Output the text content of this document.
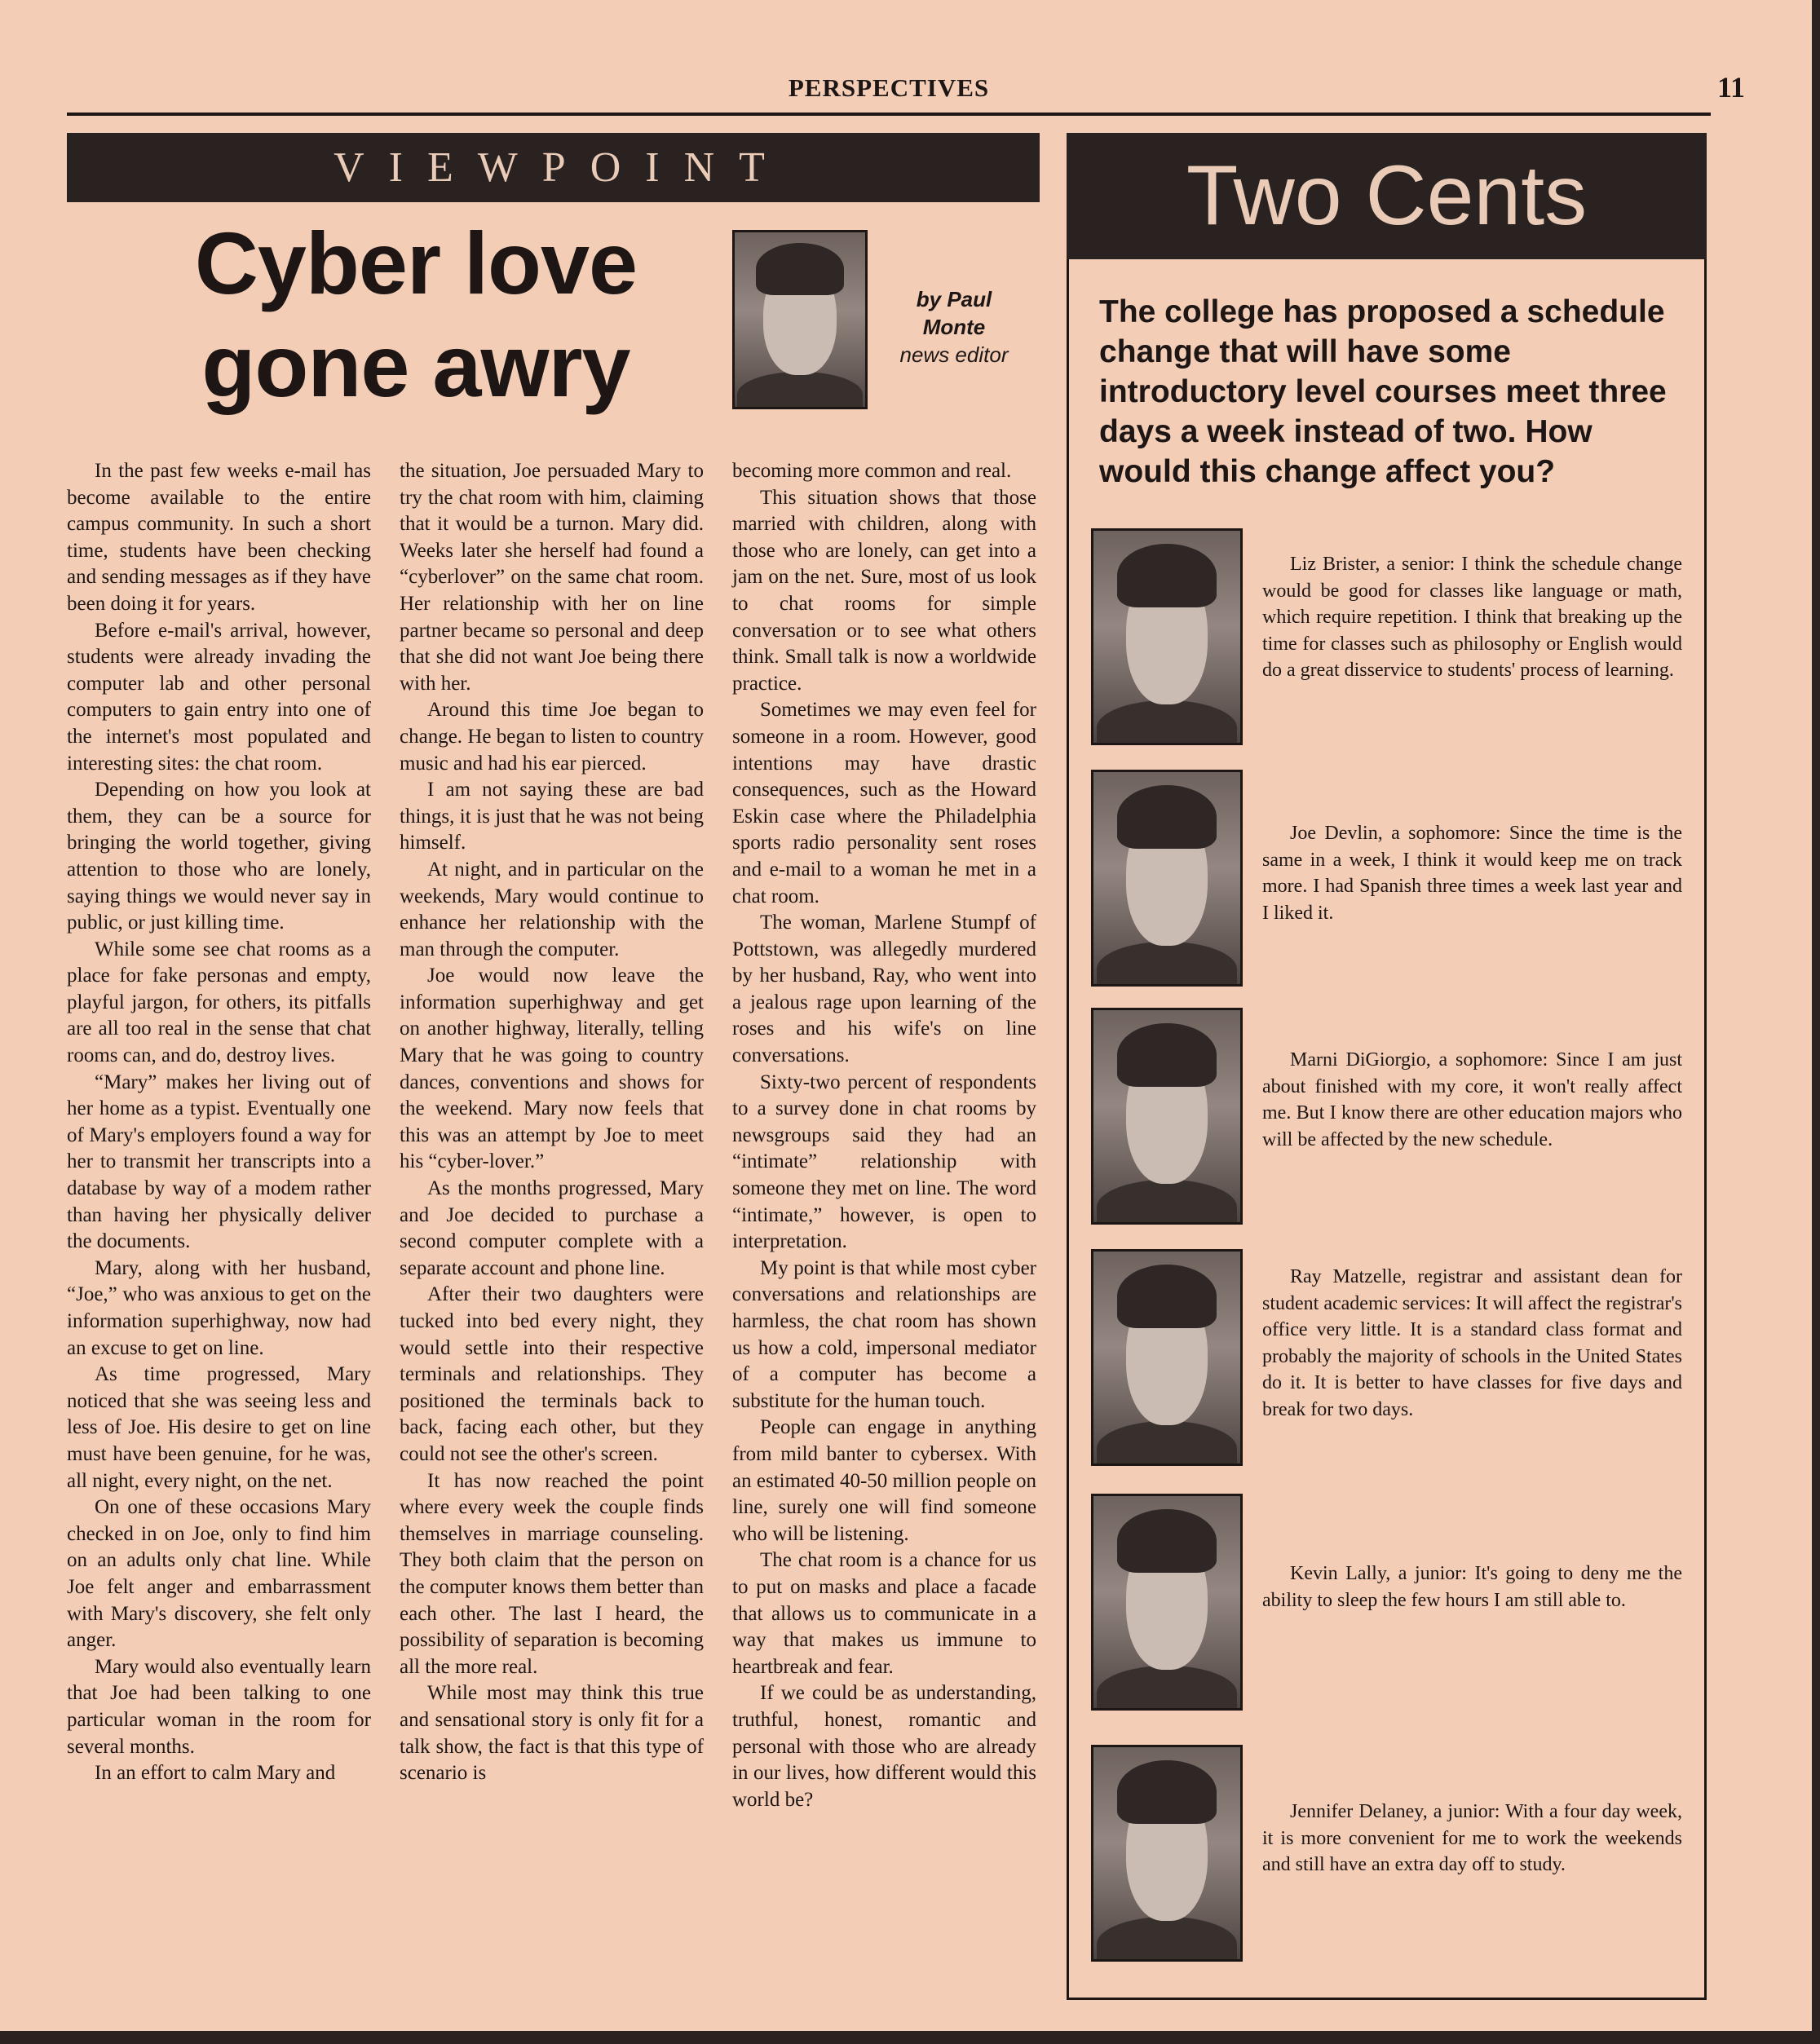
PERSPECTIVES	11
VIEWPOINT
Cyber love
gone awry
by Paul
Monte
news editor

In the past few weeks e-mail has become available to the entire campus community. In such a short time, students have been checking and sending messages as if they have been doing it for years.

Before e-mail's arrival, however, students were already invading the computer lab and other personal computers to gain entry into one of the internet's most populated and interesting sites: the chat room.

Depending on how you look at them, they can be a source for bringing the world together, giving attention to those who are lonely, saying things we would never say in public, or just killing time.

While some see chat rooms as a place for fake personas and empty, playful jargon, for others, its pitfalls are all too real in the sense that chat rooms can, and do, destroy lives.

“Mary” makes her living out of her home as a typist. Eventually one of Mary's employers found a way for her to transmit her transcripts into a database by way of a modem rather than having her physically deliver the documents.

Mary, along with her husband, “Joe,” who was anxious to get on the information superhighway, now had an excuse to get on line.

As time progressed, Mary noticed that she was seeing less and less of Joe. His desire to get on line must have been genuine, for he was, all night, every night, on the net.

On one of these occasions Mary checked in on Joe, only to find him on an adults only chat line. While Joe felt anger and embarrassment with Mary's discovery, she felt only anger.

Mary would also eventually learn that Joe had been talking to one particular woman in the room for several months.

In an effort to calm Mary and

the situation, Joe persuaded Mary to try the chat room with him, claiming that it would be a turnon. Mary did. Weeks later she herself had found a “cyberlover” on the same chat room. Her relationship with her on line partner became so personal and deep that she did not want Joe being there with her.

Around this time Joe began to change. He began to listen to country music and had his ear pierced.

I am not saying these are bad things, it is just that he was not being himself.

At night, and in particular on the weekends, Mary would continue to enhance her relationship with the man through the computer.

Joe would now leave the information superhighway and get on another highway, literally, telling Mary that he was going to country dances, conventions and shows for the weekend. Mary now feels that this was an attempt by Joe to meet his “cyber-lover.”

As the months progressed, Mary and Joe decided to purchase a second computer complete with a separate account and phone line.

After their two daughters were tucked into bed every night, they would settle into their respective terminals and relationships. They positioned the terminals back to back, facing each other, but they could not see the other's screen.

It has now reached the point where every week the couple finds themselves in marriage counseling. They both claim that the person on the computer knows them better than each other. The last I heard, the possibility of separation is becoming all the more real.

While most may think this true and sensational story is only fit for a talk show, the fact is that this type of scenario is

becoming more common and real.

This situation shows that those married with children, along with those who are lonely, can get into a jam on the net. Sure, most of us look to chat rooms for simple conversation or to see what others think. Small talk is now a worldwide practice.

Sometimes we may even feel for someone in a room. However, good intentions may have drastic consequences, such as the Howard Eskin case where the Philadelphia sports radio personality sent roses and e-mail to a woman he met in a chat room.

The woman, Marlene Stumpf of Pottstown, was allegedly murdered by her husband, Ray, who went into a jealous rage upon learning of the roses and his wife's on line conversations.

Sixty-two percent of respondents to a survey done in chat rooms by newsgroups said they had an “intimate” relationship with someone they met on line. The word “intimate,” however, is open to interpretation.

My point is that while most cyber conversations and relationships are harmless, the chat room has shown us how a cold, impersonal mediator of a computer has become a substitute for the human touch.

People can engage in anything from mild banter to cybersex. With an estimated 40-50 million people on line, surely one will find someone who will be listening.

The chat room is a chance for us to put on masks and place a facade that allows us to communicate in a way that makes us immune to heartbreak and fear.

If we could be as understanding, truthful, honest, romantic and personal with those who are already in our lives, how different would this world be?

Two Cents
The college has proposed a schedule change that will have some introductory level courses meet three days a week instead of two. How would this change affect you?
Liz Brister, a senior: I think the schedule change would be good for classes like language or math, which require repetition. I think that breaking up the time for classes such as philosophy or English would do a great disservice to students' process of learning.
Joe Devlin, a sophomore: Since the time is the same in a week, I think it would keep me on track more. I had Spanish three times a week last year and I liked it.
Marni DiGiorgio, a sophomore: Since I am just about finished with my core, it won't really affect me. But I know there are other education majors who will be affected by the new schedule.
Ray Matzelle, registrar and assistant dean for student academic services: It will affect the registrar's office very little. It is a standard class format and probably the majority of schools in the United States do it. It is better to have classes for five days and break for two days.
Kevin Lally, a junior: It's going to deny me the ability to sleep the few hours I am still able to.
Jennifer Delaney, a junior: With a four day week, it is more convenient for me to work the weekends and still have an extra day off to study.
